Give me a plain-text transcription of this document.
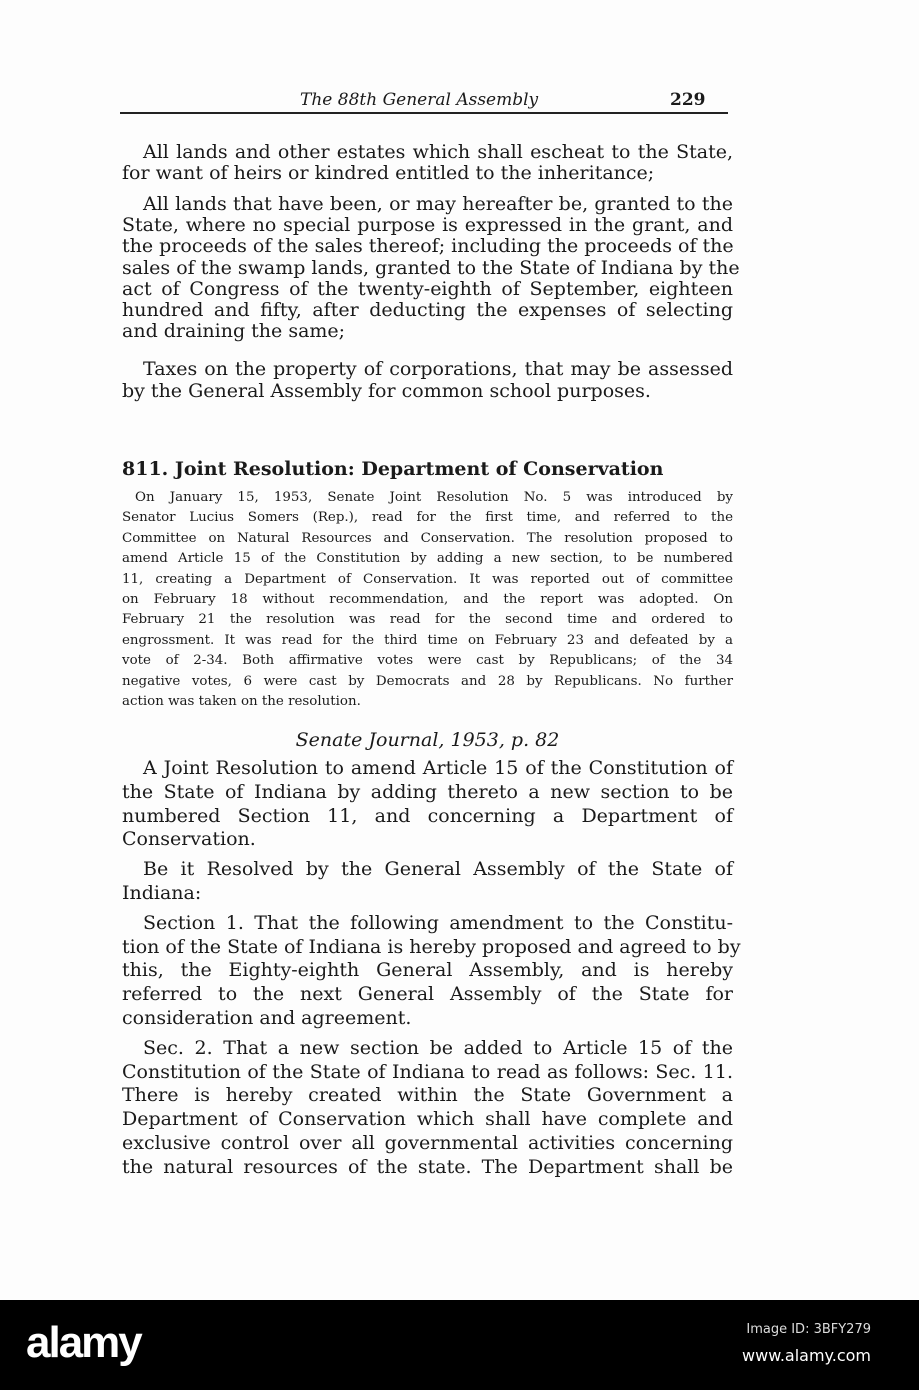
The 88th General Assembly	229
All lands and other estates which shall escheat to the State,
for want of heirs or kindred entitled to the inheritance;
All lands that have been, or may hereafter be, granted to the
State, where no special purpose is expressed in the grant, and
the proceeds of the sales thereof; including the proceeds of the
sales of the swamp lands, granted to the State of Indiana by the
act of Congress of the twenty-eighth of September, eighteen
hundred and fifty, after deducting the expenses of selecting
and draining the same;
Taxes on the property of corporations, that may be assessed
by the General Assembly for common school purposes.
811. Joint Resolution: Department of Conservation
On January 15, 1953, Senate Joint Resolution No. 5 was introduced by
Senator Lucius Somers (Rep.), read for the first time, and referred to the
Committee on Natural Resources and Conservation. The resolution proposed to
amend Article 15 of the Constitution by adding a new section, to be numbered
11, creating a Department of Conservation. It was reported out of committee
on February 18 without recommendation, and the report was adopted. On
February 21 the resolution was read for the second time and ordered to
engrossment. It was read for the third time on February 23 and defeated by a
vote of 2-34. Both affirmative votes were cast by Republicans; of the 34
negative votes, 6 were cast by Democrats and 28 by Republicans. No further
action was taken on the resolution.
Senate Journal, 1953, p. 82
A Joint Resolution to amend Article 15 of the Constitution of
the State of Indiana by adding thereto a new section to be
numbered Section 11, and concerning a Department of
Conservation.
Be it Resolved by the General Assembly of the State of
Indiana:
Section 1. That the following amendment to the Constitu-
tion of the State of Indiana is hereby proposed and agreed to by
this, the Eighty-eighth General Assembly, and is hereby
referred to the next General Assembly of the State for
consideration and agreement.
Sec. 2. That a new section be added to Article 15 of the
Constitution of the State of Indiana to read as follows: Sec. 11.
There is hereby created within the State Government a
Department of Conservation which shall have complete and
exclusive control over all governmental activities concerning
the natural resources of the state. The Department shall be
alamy	Image ID: 3BFY279
www.alamy.com
